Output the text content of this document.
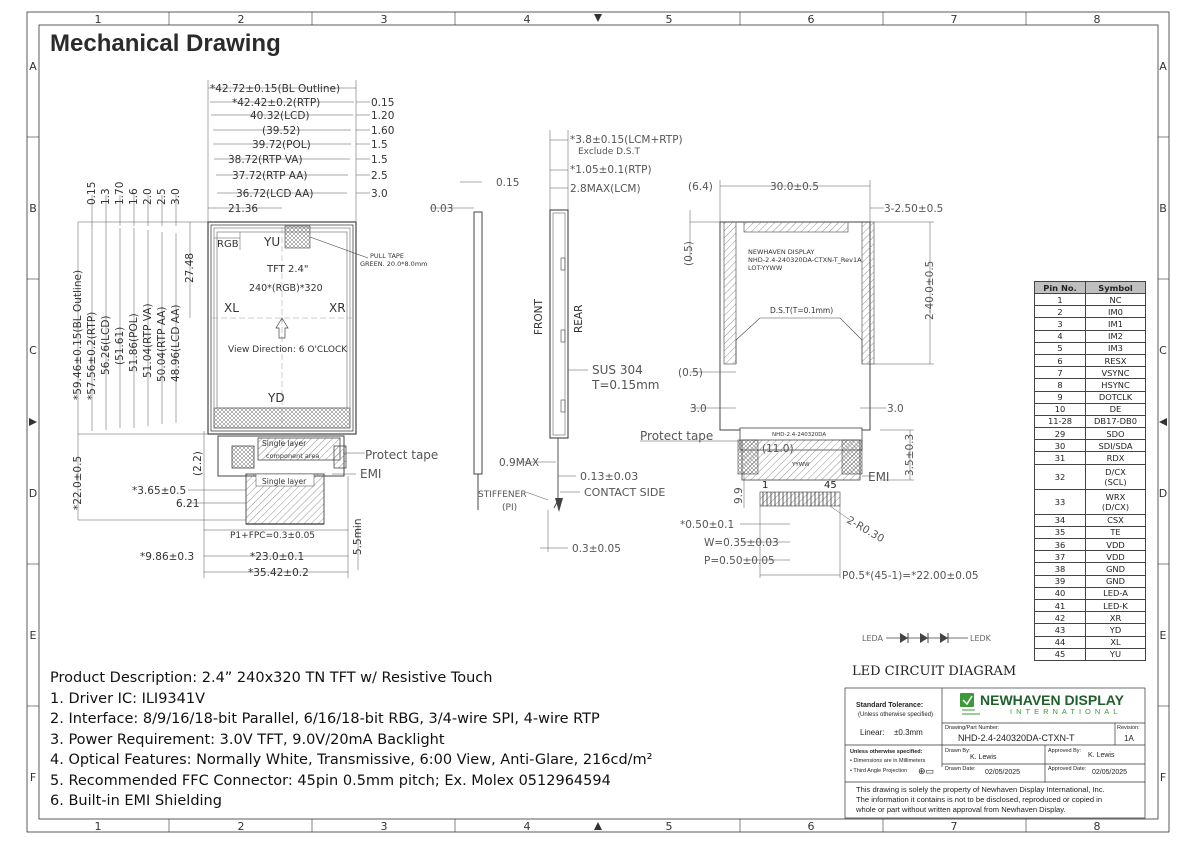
1	2	3	4	5	6	7	8
1	2	3	4	5	6	7	8
A
B
C
D
E
F
A
B
C
D
E
F
*42.72±0.15(BL Outline)
*42.42±0.2(RTP)
40.32(LCD)
(39.52)
39.72(POL)
38.72(RTP VA)
37.72(RTP AA)
36.72(LCD AA)
21.36
0.15
1.20
1.60
1.5
1.5
2.5
3.0
0.15 1.3 1.70 1.6 2.0 2.5 3.0
*59.46±0.15(BL Outline) *57.56±0.2(RTP) 56.26(LCD) (51.61) 51.86(POL) 51.04(RTP VA) 50.04(RTP AA) 48.96(LCD AA)
27.48
*22.0±0.5	(2.2)
RGB YU
XL	XR
YD
TFT 2.4"
240*(RGB)*320
View Direction: 6 O'CLOCK
PULL TAPE
GREEN. 20.0*8.0mm
Single layer
Single layer
component area	Protect tape
EMI
*3.65±0.5
6.21
P1+FPC=0.3±0.05
*9.86±0.3	*23.0±0.1
*35.42±0.2
5.5min
0.03
0.15
*3.8±0.15(LCM+RTP)
Exclude D.S.T
*1.05±0.1(RTP)
2.8MAX(LCM)
SUS 304
T=0.15mm
0.9MAX
0.13±0.03
CONTACT SIDE
STIFFENER
(PI)
0.3±0.05
FRONT	REAR
(6.4)	30.0±0.5
3-2.50±0.5
(0.5)
2-40.0±0.5
(0.5)
3.0	3.0
(11.0)	3.5±0.3
9.9
*0.50±0.1
W=0.35±0.03
P=0.50±0.05
2-R0.30
P0.5*(45-1)=*22.00±0.05
NEWHAVEN DISPLAY
NHD-2.4-240320DA-CTXN-T_Rev1A
LOT-YYWW
D.S.T(T=0.1mm)
NHD-2.4-240320DA
YYWW
Protect tape
EMI
1	45
LEDA	LEDK
Mechanical Drawing
Pin No.	Symbol
1	NC
2	IM0
3	IM1
4	IM2
5	IM3
6	RESX
7	VSYNC
8	HSYNC
9	DOTCLK
10	DE
11-28	DB17-DB0
29	SDO
30	SDI/SDA
31	RDX
32	D/CX
(SCL)
33	WRX
(D/CX)
34	CSX
35	TE
36	VDD
37	VDD
38	GND
39	GND
40	LED-A
41	LED-K
42	XR
43	YD
44	XL
45	YU
LED CIRCUIT DIAGRAM
Product Description: 2.4” 240x320 TN TFT w/ Resistive Touch
1. Driver IC: ILI9341V
2. Interface: 8/9/16/18-bit Parallel, 6/16/18-bit RBG, 3/4-wire SPI, 4-wire RTP
3. Power Requirement: 3.0V TFT, 9.0V/20mA Backlight
4. Optical Features: Normally White, Transmissive, 6:00 View, Anti-Glare, 216cd/m²
5. Recommended FFC Connector: 45pin 0.5mm pitch; Ex. Molex 0512964594
6. Built-in EMI Shielding
Standard Tolerance:
(Unless otherwise specified)
Linear: ±0.3mm
NEWHAVEN DISPLAY
INTERNATIONAL
Drawing/Part Number:
NHD-2.4-240320DA-CTXN-T
Revision:
1A
Unless otherwise specified:
• Dimensions are in Millimeters
• Third Angle Projection ⊕▭
Drawn By:
K. Lewis
Approved By:
K. Lewis
Drawn Date: 02/05/2025	Approved Date: 02/05/2025
This drawing is solely the property of Newhaven Display International, Inc.
The information it contains is not to be disclosed, reproduced or copied in
whole or part without written approval from Newhaven Display.
